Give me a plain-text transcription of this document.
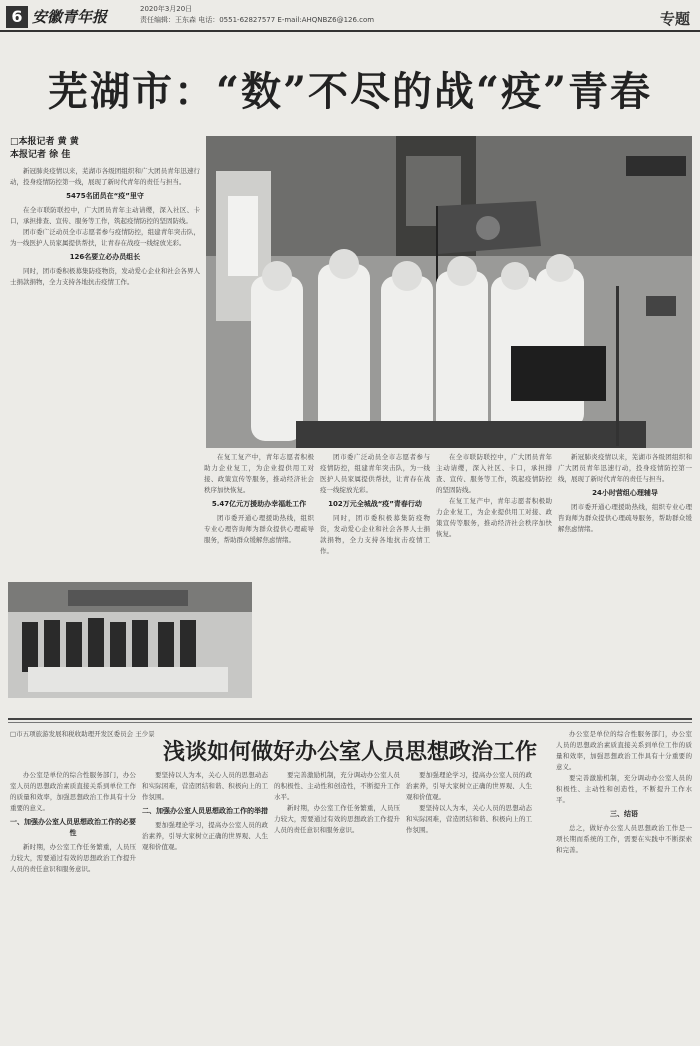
6 安徽青年报	2020年3月20日
责任编辑：王东森 电话：0551-62827577 E-mail:AHQNBZ6@126.com	专题
芜湖市：“数”不尽的战“疫”青春
□本报记者 黄 黄
本报记者 徐 佳

新冠肺炎疫情以来，芜湖市各级团组织和广大团员青年迅速行动，投身疫情防控第一线，展现了新时代青年的责任与担当。

5475名团员在“疫”里守

在全市联防联控中，广大团员青年主动请缨，深入社区、卡口，承担排查、宣传、服务等工作，筑起疫情防控的坚固防线。

团市委广泛动员全市志愿者参与疫情防控，组建青年突击队，为一线医护人员家属提供帮扶，让青春在战疫一线绽放光彩。

126名要立必办员组长

同时，团市委积极募集防疫物资，发动爱心企业和社会各界人士捐款捐物，全力支持各地抗击疫情工作。

在复工复产中，青年志愿者积极助力企业复工，为企业提供用工对接、政策宣传等服务，推动经济社会秩序加快恢复。

5.47亿元万援助办幸福赴工作

团市委开通心理援助热线，组织专业心理咨询师为群众提供心理疏导服务，帮助群众缓解焦虑情绪。

团市委广泛动员全市志愿者参与疫情防控，组建青年突击队，为一线医护人员家属提供帮扶，让青春在战疫一线绽放光彩。

102万元全城战“疫”青春行动

同时，团市委积极募集防疫物资，发动爱心企业和社会各界人士捐款捐物，全力支持各地抗击疫情工作。

在全市联防联控中，广大团员青年主动请缨，深入社区、卡口，承担排查、宣传、服务等工作，筑起疫情防控的坚固防线。

在复工复产中，青年志愿者积极助力企业复工，为企业提供用工对接、政策宣传等服务，推动经济社会秩序加快恢复。

新冠肺炎疫情以来，芜湖市各级团组织和广大团员青年迅速行动，投身疫情防控第一线，展现了新时代青年的责任与担当。

24小时营组心理辅导

团市委开通心理援助热线，组织专业心理咨询师为群众提供心理疏导服务，帮助群众缓解焦虑情绪。

□市五项旅游发展和税收助理开发区委员会 王少景
浅谈如何做好办公室人员思想政治工作

办公室是单位的综合性服务部门，办公室人员的思想政治素质直接关系到单位工作的质量和效率，加强思想政治工作具有十分重要的意义。

一、加强办公室人员思想政治工作的必要性

新时期，办公室工作任务繁重，人员压力较大，需要通过有效的思想政治工作提升人员的责任意识和服务意识。

要坚持以人为本，关心人员的思想动态和实际困难，营造团结和谐、积极向上的工作氛围。

二、加强办公室人员思想政治工作的举措

要加强理论学习，提高办公室人员的政治素养，引导大家树立正确的世界观、人生观和价值观。

要完善激励机制，充分调动办公室人员的积极性、主动性和创造性，不断提升工作水平。

新时期，办公室工作任务繁重，人员压力较大，需要通过有效的思想政治工作提升人员的责任意识和服务意识。

要加强理论学习，提高办公室人员的政治素养，引导大家树立正确的世界观、人生观和价值观。

要坚持以人为本，关心人员的思想动态和实际困难，营造团结和谐、积极向上的工作氛围。

办公室是单位的综合性服务部门，办公室人员的思想政治素质直接关系到单位工作的质量和效率，加强思想政治工作具有十分重要的意义。

要完善激励机制，充分调动办公室人员的积极性、主动性和创造性，不断提升工作水平。

三、结语

总之，做好办公室人员思想政治工作是一项长期而系统的工作，需要在实践中不断探索和完善。
